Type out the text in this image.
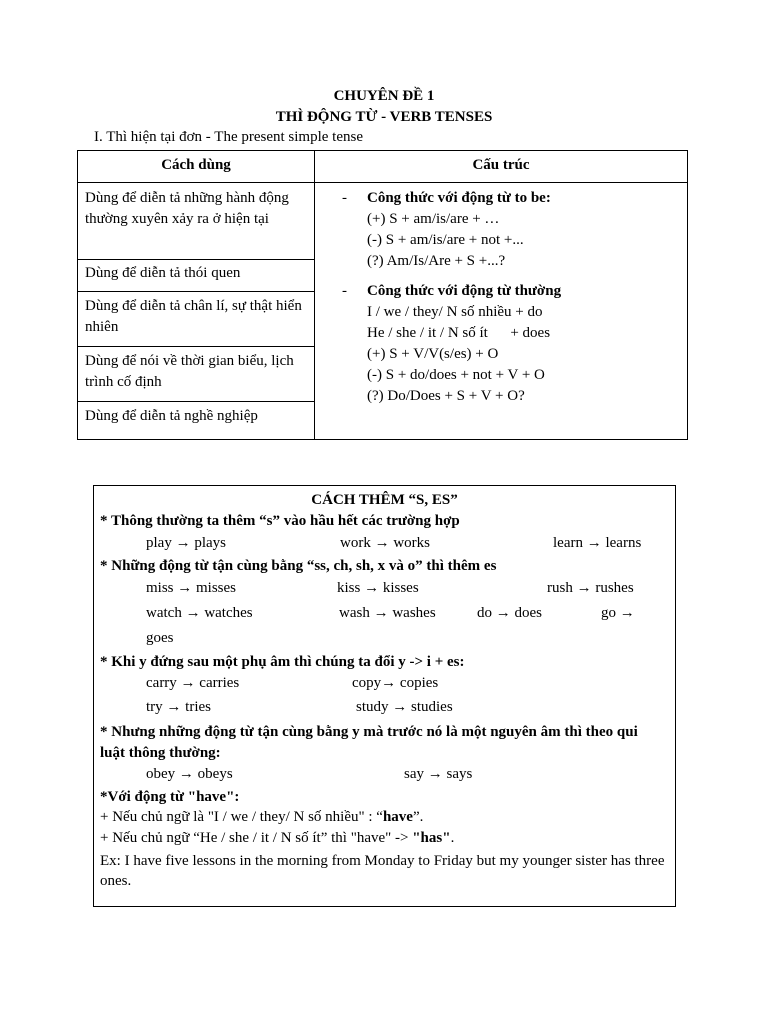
CHUYÊN ĐỀ 1
THÌ ĐỘNG TỪ - VERB TENSES
I. Thì hiện tại đơn - The present simple tense
Cách dùng	Cấu trúc
Dùng để diễn tả những hành động thường xuyên xảy ra ở hiện tại
Dùng để diễn tả thói quen
Dùng để diễn tả chân lí, sự thật hiển nhiên
Dùng để nói về thời gian biểu, lịch trình cố định
Dùng để diễn tả nghề nghiệp
- Công thức với động từ to be:
(+) S + am/is/are + …
(-) S + am/is/are + not +...
(?) Am/Is/Are + S +...?
- Công thức với động từ thường
I / we / they/ N số nhiều + do
He / she / it / N số ít      + does
(+) S + V/V(s/es) + O
(-) S + do/does + not + V + O
(?) Do/Does + S + V + O?
CÁCH THÊM “S, ES”
* Thông thường ta thêm “s” vào hầu hết các trường hợp
play → plays	work → works	learn → learns
* Những động từ tận cùng bằng “ss, ch, sh, x và o” thì thêm es
miss → misses	kiss → kisses	rush → rushes
watch → watches	wash → washes	do → does	go →
goes
* Khi y đứng sau một phụ âm thì chúng ta đổi y -> i + es:
carry → carries	copy→ copies
try → tries	study → studies
* Nhưng những động từ tận cùng bằng y mà trước nó là một nguyên âm thì theo qui luật thông thường:
obey → obeys	say → says
*Với động từ "have":
+ Nếu chủ ngữ là "I / we / they/ N số nhiều" : “have”.
+ Nếu chủ ngữ “He / she / it / N số ít” thì "have" -> "has".
Ex: I have five lessons in the morning from Monday to Friday but my younger sister has three ones.
